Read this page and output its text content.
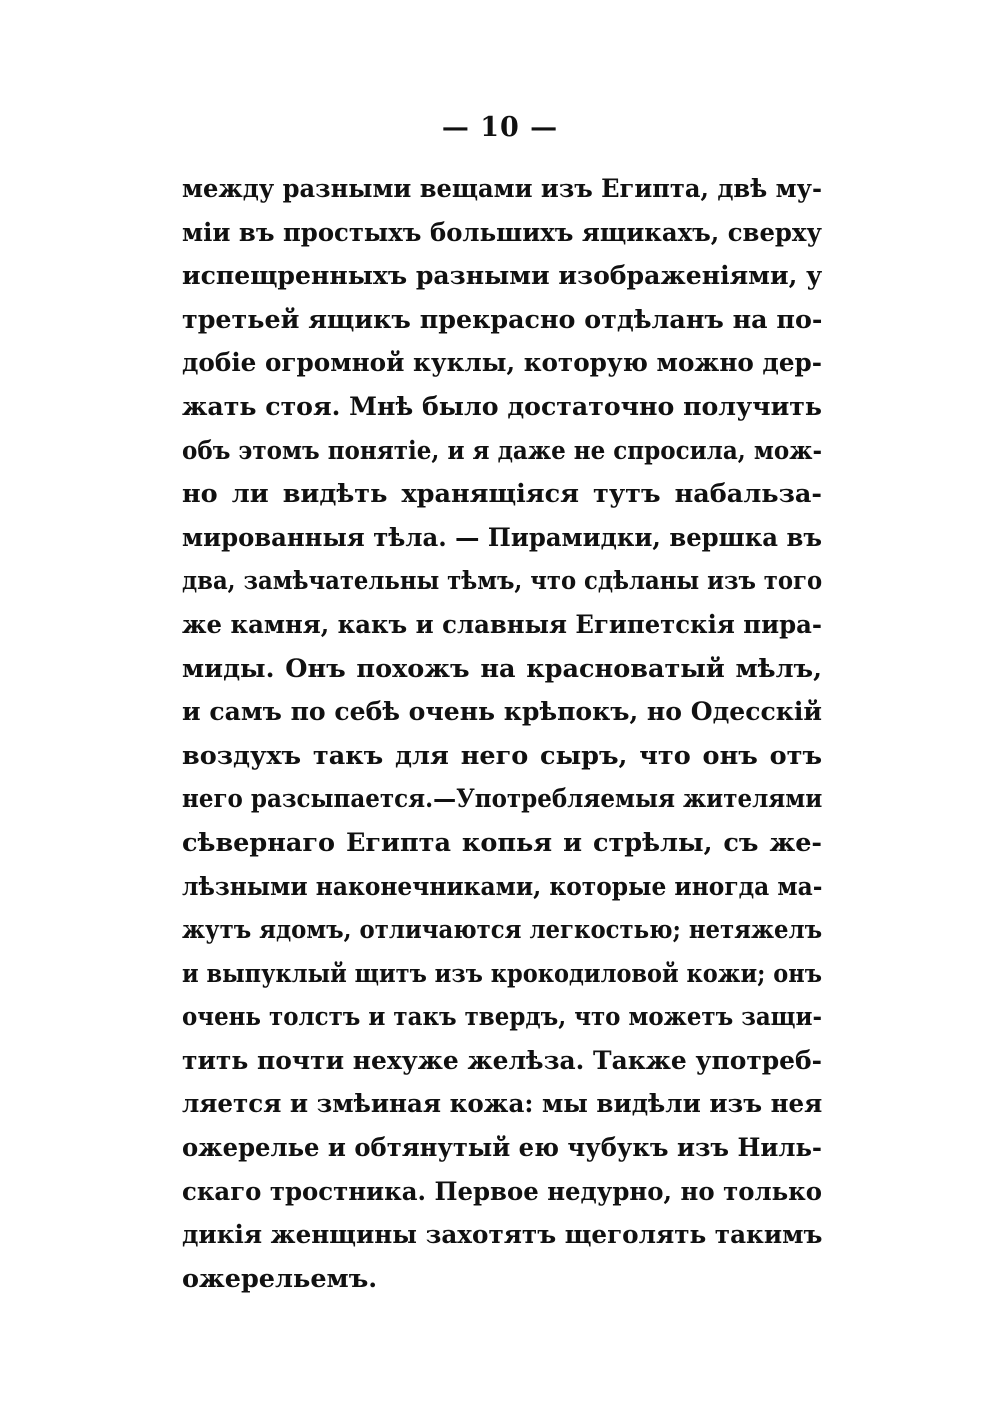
— 10 —
между разными вещами изъ Египта, двѣ му-
міи въ простыхъ большихъ ящикахъ, сверху
испещренныхъ разными изображеніями, у
третьей ящикъ прекрасно отдѣланъ на по-
добіе огромной куклы, которую можно дер-
жать стоя. Мнѣ было достаточно получить
объ этомъ понятіе, и я даже не спросила, мож-
но ли видѣть хранящіяся тутъ набальза-
мированныя тѣла. — Пирамидки, вершка въ
два, замѣчательны тѣмъ, что сдѣланы изъ того
же камня, какъ и славныя Египетскія пира-
миды. Онъ похожъ на красноватый мѣлъ,
и самъ по себѣ очень крѣпокъ, но Одесскій
воздухъ такъ для него сыръ, что онъ отъ
него разсыпается.—Употребляемыя жителями
сѣвернаго Египта копья и стрѣлы, съ же-
лѣзными наконечниками, которые иногда ма-
жутъ ядомъ, отличаются легкостью; нетяжелъ
и выпуклый щитъ изъ крокодиловой кожи; онъ
очень толстъ и такъ твердъ, что можетъ защи-
тить почти нехуже желѣза. Также употреб-
ляется и змѣиная кожа: мы видѣли изъ нея
ожерелье и обтянутый ею чубукъ изъ Ниль-
скаго тростника. Первое недурно, но только
дикія женщины захотятъ щеголять такимъ
ожерельемъ.
